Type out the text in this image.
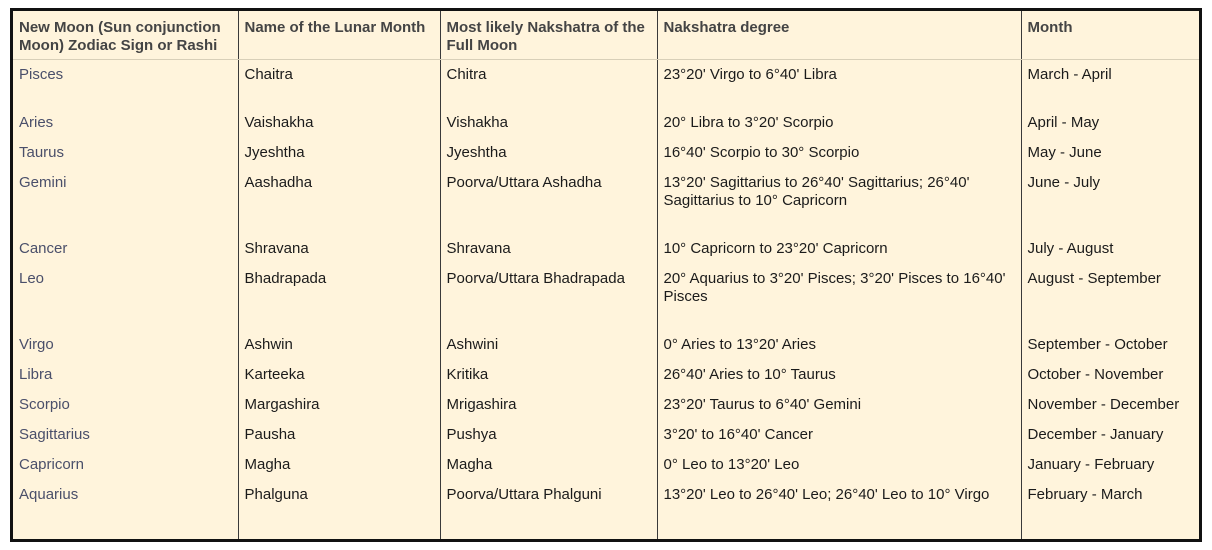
New Moon (Sun conjunction Moon) Zodiac Sign or Rashi	Name of the Lunar Month	Most likely Nakshatra of the Full Moon	Nakshatra degree	Month
Pisces	Chaitra	Chitra	23°20' Virgo to 6°40' Libra	March - April
Aries	Vaishakha	Vishakha	20° Libra to 3°20' Scorpio	April - May
Taurus	Jyeshtha	Jyeshtha	16°40' Scorpio to 30° Scorpio	May - June
Gemini	Aashadha	Poorva/Uttara Ashadha	13°20' Sagittarius to 26°40' Sagittarius; 26°40' Sagittarius to 10° Capricorn	June - July
Cancer	Shravana	Shravana	10° Capricorn to 23°20' Capricorn	July - August
Leo	Bhadrapada	Poorva/Uttara Bhadrapada	20° Aquarius to 3°20' Pisces; 3°20' Pisces to 16°40' Pisces	August - September
Virgo	Ashwin	Ashwini	0° Aries to 13°20' Aries	September - October
Libra	Karteeka	Kritika	26°40' Aries to 10° Taurus	October - November
Scorpio	Margashira	Mrigashira	23°20' Taurus to 6°40' Gemini	November - December
Sagittarius	Pausha	Pushya	3°20' to 16°40' Cancer	December - January
Capricorn	Magha	Magha	0° Leo to 13°20' Leo	January - February
Aquarius	Phalguna	Poorva/Uttara Phalguni	13°20' Leo to 26°40' Leo; 26°40' Leo to 10° Virgo	February - March
